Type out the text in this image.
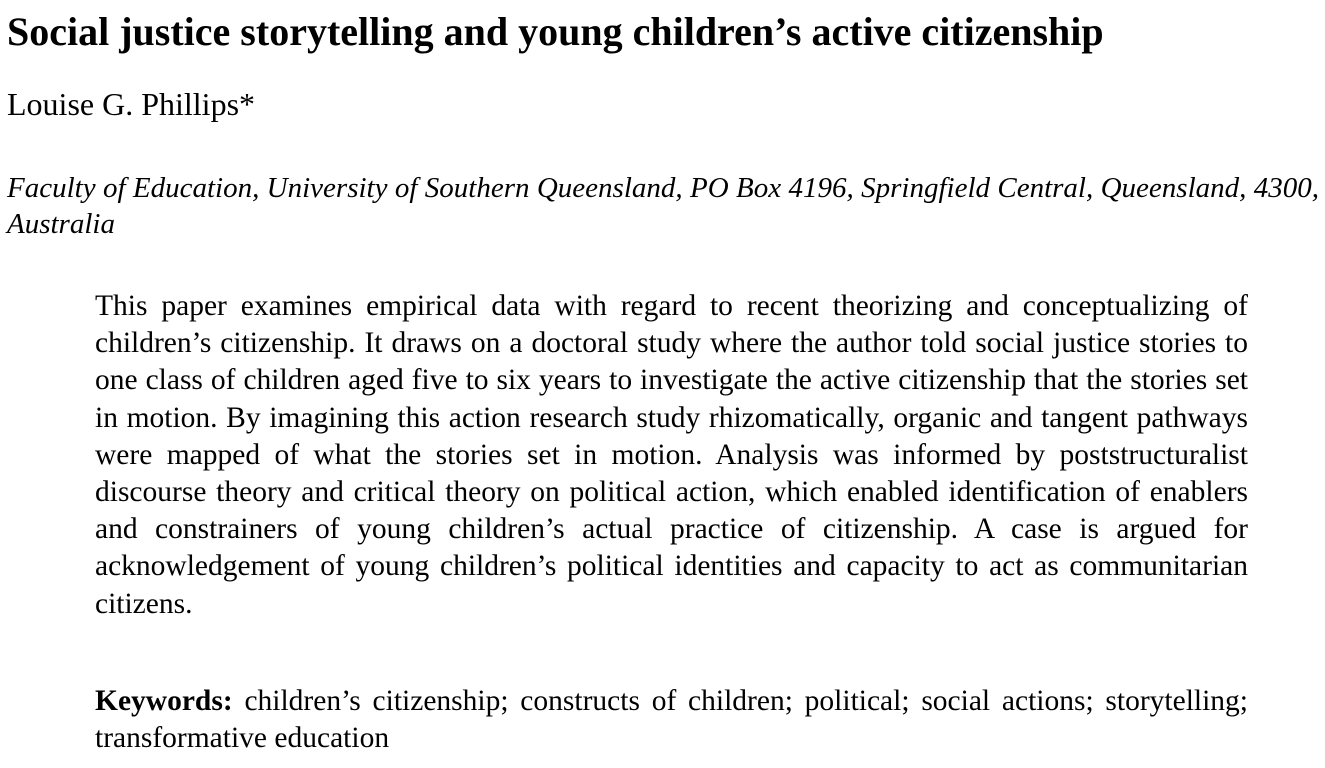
Social justice storytelling and young children’s active citizenship

Louise G. Phillips*

Faculty of Education, University of Southern Queensland, PO Box 4196, Springfield Central, Queensland, 4300, Australia

This paper examines empirical data with regard to recent theorizing and conceptualizing of children’s citizenship. It draws on a doctoral study where the author told social justice stories to one class of children aged five to six years to investigate the active citizenship that the stories set in motion. By imagining this action research study rhizomatically, organic and tangent pathways were mapped of what the stories set in motion. Analysis was informed by poststructuralist discourse theory and critical theory on political action, which enabled identification of enablers and constrainers of young children’s actual practice of citizenship. A case is argued for acknowledgement of young children’s political identities and capacity to act as communitarian citizens.

Keywords: children’s citizenship; constructs of children; political; social actions; storytelling; transformative education
